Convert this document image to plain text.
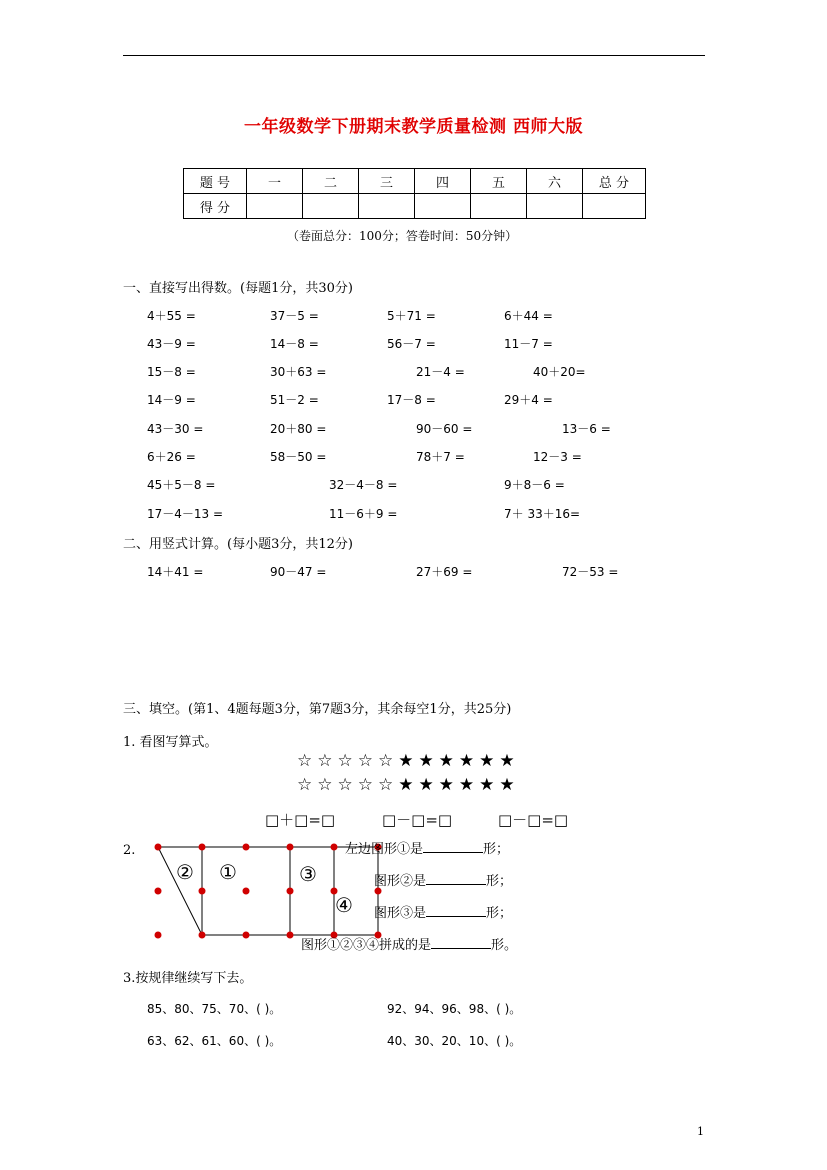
一年级数学下册期末教学质量检测 西师大版
题 号	一	二	三	四	五	六	总 分
得 分							
（卷面总分：100分；答卷时间：50分钟）
一、直接写出得数。(每题1分，共30分)
4＋55 =	37－5 =	5＋71 =	6＋44 =
43－9 =	14－8 =	56－7 =	11－7 =
15－8 =	30＋63 =	21－4 =	40＋20=
14－9 =	51－2 =	17－8 =	29＋4 =
43－30 =	20＋80 =	90－60 =	13－6 =
6＋26 =	58－50 =	78＋7 =	12－3 =
45＋5－8 =	32－4－8 =	9＋8－6 =
17－4－13 =	11－6＋9 =	7＋ 33＋16=
二、用竖式计算。(每小题3分，共12分)
14＋41 =	90－47 =	27＋69 =	72－53 =
三、填空。(第1、4题每题3分，第7题3分，其余每空1分，共25分)
1. 看图写算式。
☆☆☆☆☆★★★★★★
☆☆☆☆☆★★★★★★
□＋□=□	□－□=□	□－□=□
2.
② ①	③
④
左边图形①是	形；
图形②是	形；
图形③是	形；
图形①②③④拼成的是	形。
3.按规律继续写下去。
85、80、75、70、( )。	92、94、96、98、( )。
63、62、61、60、( )。	40、30、20、10、( )。
1
